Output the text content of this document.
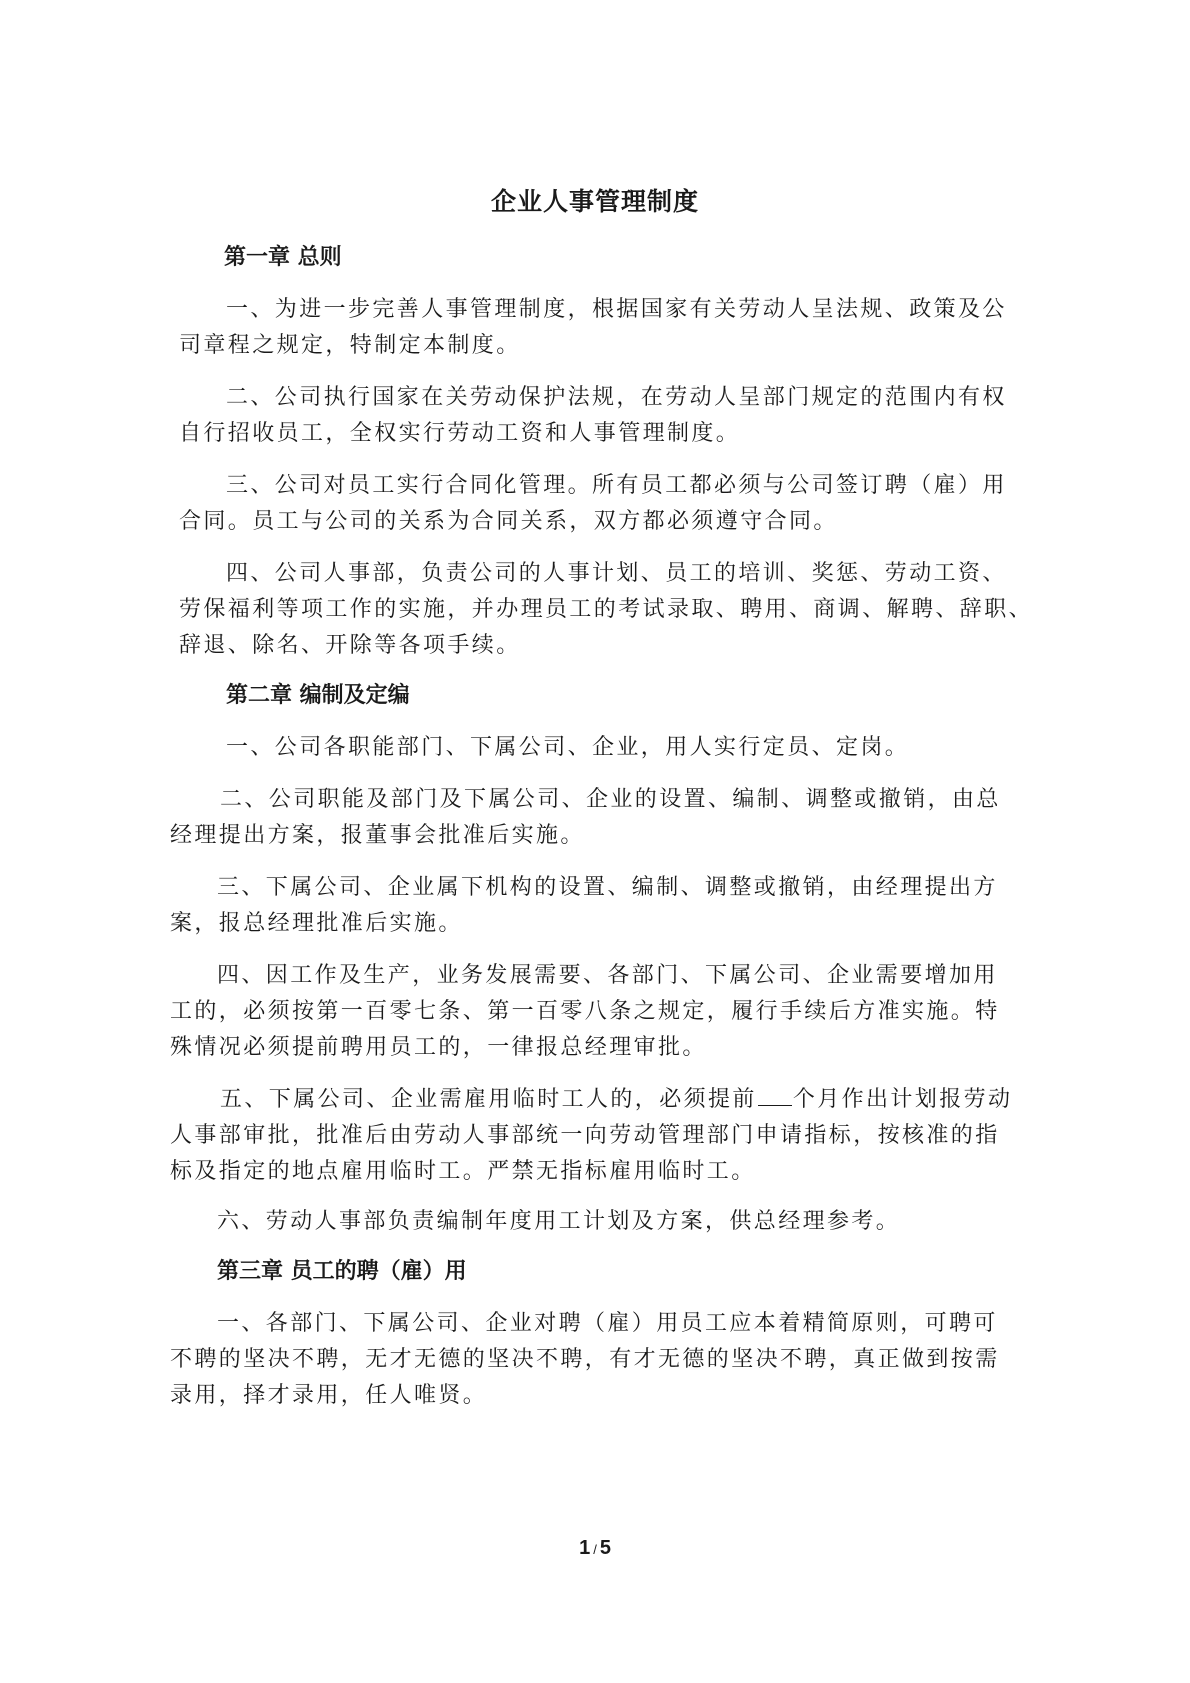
企业人事管理制度
第一章 总则

一、为进一步完善人事管理制度，根据国家有关劳动人呈法规、政策及公

司章程之规定，特制定本制度。

二、公司执行国家在关劳动保护法规，在劳动人呈部门规定的范围内有权

自行招收员工，全权实行劳动工资和人事管理制度。

三、公司对员工实行合同化管理。所有员工都必须与公司签订聘（雇）用

合同。员工与公司的关系为合同关系，双方都必须遵守合同。

四、公司人事部，负责公司的人事计划、员工的培训、奖惩、劳动工资、

劳保福利等项工作的实施，并办理员工的考试录取、聘用、商调、解聘、辞职、

辞退、除名、开除等各项手续。

第二章 编制及定编

一、公司各职能部门、下属公司、企业，用人实行定员、定岗。

二、公司职能及部门及下属公司、企业的设置、编制、调整或撤销，由总

经理提出方案，报董事会批准后实施。

三、下属公司、企业属下机构的设置、编制、调整或撤销，由经理提出方

案，报总经理批准后实施。

四、因工作及生产，业务发展需要、各部门、下属公司、企业需要增加用

工的，必须按第一百零七条、第一百零八条之规定，履行手续后方准实施。特

殊情况必须提前聘用员工的，一律报总经理审批。

五、下属公司、企业需雇用临时工人的，必须提前 个月作出计划报劳动

人事部审批，批准后由劳动人事部统一向劳动管理部门申请指标，按核准的指

标及指定的地点雇用临时工。严禁无指标雇用临时工。

六、劳动人事部负责编制年度用工计划及方案，供总经理参考。

第三章 员工的聘（雇）用

一、各部门、下属公司、企业对聘（雇）用员工应本着精简原则，可聘可

不聘的坚决不聘，无才无德的坚决不聘，有才无德的坚决不聘，真正做到按需

录用，择才录用，任人唯贤。

1 / 5
